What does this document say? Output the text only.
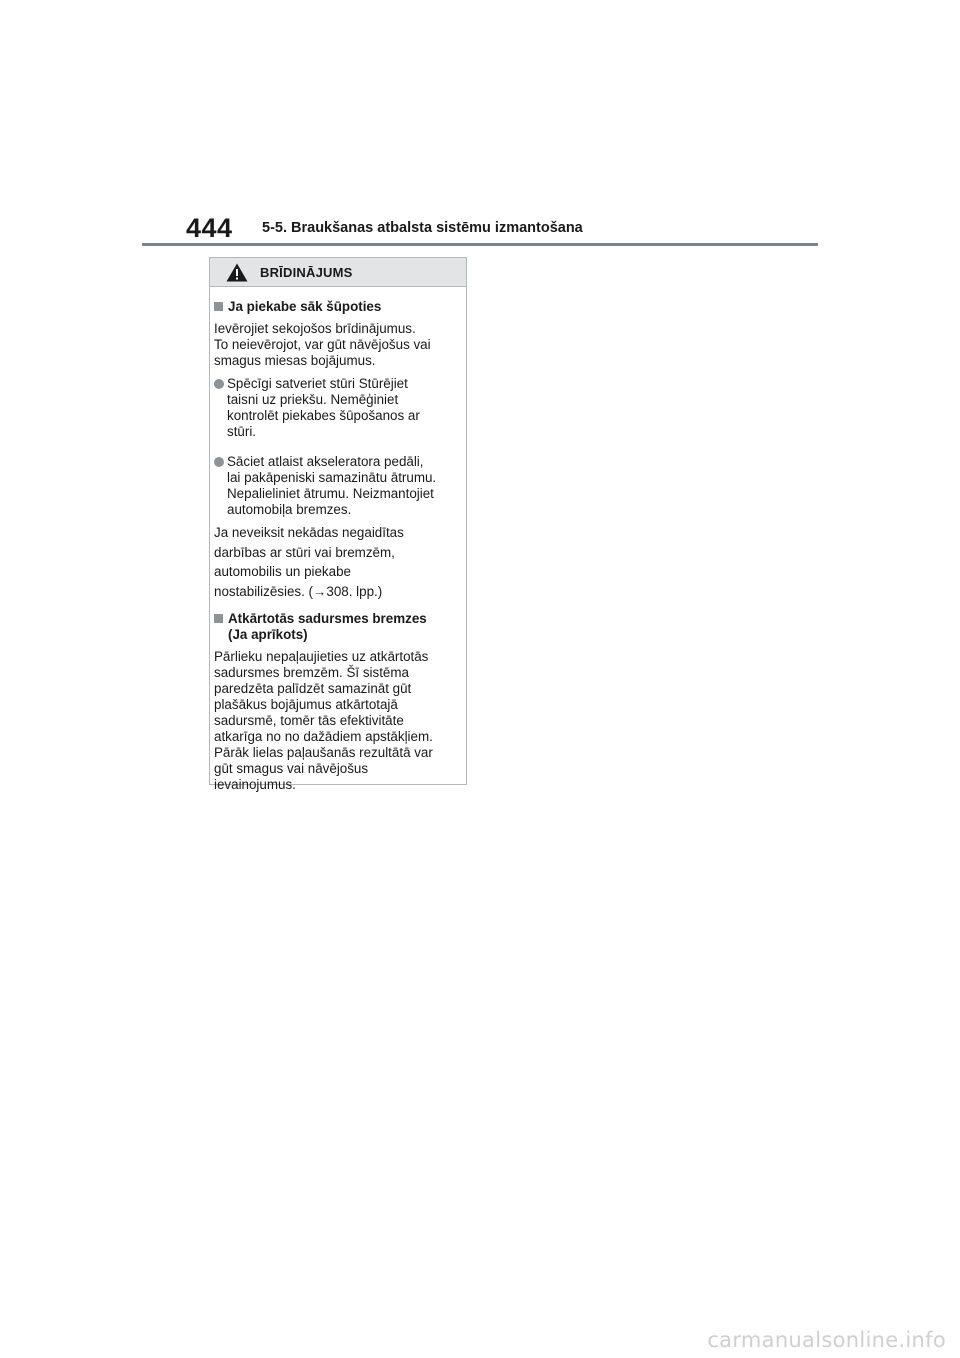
444 5-5. Braukšanas atbalsta sistēmu izmantošana
BRĪDINĀJUMS
Ja piekabe sāk šūpoties
Ievērojiet sekojošos brīdinājumus.
To neievērojot, var gūt nāvējošus vai
smagus miesas bojājumus.
Spēcīgi satveriet stūri Stūrējiet
taisni uz priekšu. Nemēģiniet
kontrolēt piekabes šūpošanos ar
stūri.
Sāciet atlaist akseleratora pedāli,
lai pakāpeniski samazinātu ātrumu.
Nepalieliniet ātrumu. Neizmantojiet
automobiļa bremzes.

Ja neveiksit nekādas negaidītas

darbības ar stūri vai bremzēm,

automobilis un piekabe

nostabilizēsies. (→308. lpp.)

Atkārtotās sadursmes bremzes
(Ja aprīkots)
Pārlieku nepaļaujieties uz atkārtotās
sadursmes bremzēm. Šī sistēma
paredzēta palīdzēt samazināt gūt
plašākus bojājumus atkārtotajā
sadursmē, tomēr tās efektivitāte
atkarīga no no dažādiem apstākļiem.
Pārāk lielas paļaušanās rezultātā var
gūt smagus vai nāvējošus
ievainojumus.
carmanualsonline.info
